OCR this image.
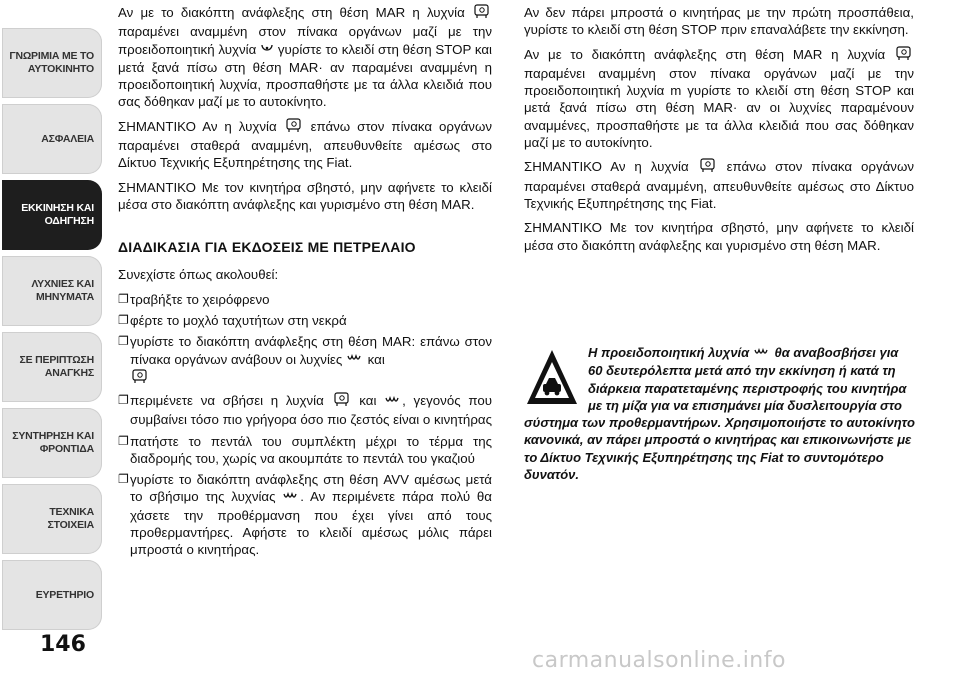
ΓΝΩΡΙΜΙΑ ΜΕ ΤΟ
ΑΥΤΟΚΙΝΗΤΟ
ΑΣΦΑΛΕΙΑ
ΕΚΚΙΝΗΣΗ ΚΑΙ
ΟΔΗΓΗΣΗ
ΛΥΧΝΙΕΣ ΚΑΙ
ΜΗΝΥΜΑΤΑ
ΣΕ ΠΕΡΙΠΤΩΣΗ
ΑΝΑΓΚΗΣ
ΣΥΝΤΗΡΗΣΗ ΚΑΙ
ΦΡΟΝΤΙΔΑ
ΤΕΧΝΙΚΑ ΣΤΟΙΧΕΙΑ
ΕΥΡΕΤΗΡΙΟ
146

Αν με το διακόπτη ανάφλεξης στη θέση MAR η λυχνία  παραμένει αναμμένη στον πίνακα οργάνων μαζί με την προειδοποιητική λυχνία γυρίστε το κλειδί στη θέση STOP και μετά ξανά πίσω στη θέση MAR· αν παραμένει αναμμένη η προειδοποιητική λυχνία, προσπαθήστε με τα άλλα κλειδιά που σας δόθηκαν μαζί με το αυτοκίνητο.

ΣΗΜΑΝΤΙΚΟ Αν η λυχνία	επάνω στον πίνακα οργάνων παραμένει σταθερά αναμμένη, απευθυνθείτε αμέσως στο Δίκτυο Τεχνικής Εξυπηρέτησης της Fiat.

ΣΗΜΑΝΤΙΚΟ Με τον κινητήρα σβηστό, μην αφήνετε το κλειδί μέσα στο διακόπτη ανάφλεξης και γυρισμένο στη θέση MAR.

ΔΙΑΔΙΚΑΣΙΑ ΓΙΑ ΕΚΔΟΣΕΙΣ ΜΕ ΠΕΤΡΕΛΑΙΟ

Συνεχίστε όπως ακολουθεί:

❐ τραβήξτε το χειρόφρενο
❐ φέρτε το μοχλό ταχυτήτων στη νεκρά
❐ γυρίστε το διακόπτη ανάφλεξης στη θέση MAR: επάνω στον πίνακα οργάνων ανάβουν οι λυχνίες και

❐ περιμένετε να σβήσει η λυχνία	και , γεγονός που συμβαίνει τόσο πιο γρήγορα όσο πιο ζεστός είναι ο κινητήρας
❐ πατήστε το πεντάλ του συμπλέκτη μέχρι το τέρμα της διαδρομής του, χωρίς να ακουμπάτε το πεντάλ του γκαζιού
❐ γυρίστε το διακόπτη ανάφλεξης στη θέση AVV αμέσως μετά το σβήσιμο της λυχνίας . Αν περιμένετε πάρα πολύ θα χάσετε την προθέρμανση που έχει γίνει από τους προθερμαντήρες. Αφήστε το κλειδί αμέσως μόλις πάρει μπροστά ο κινητήρας.

Αν δεν πάρει μπροστά ο κινητήρας με την πρώτη προσπάθεια, γυρίστε το κλειδί στη θέση STOP πριν επαναλάβετε την εκκίνηση.

Αν με το διακόπτη ανάφλεξης στη θέση MAR η λυχνία  παραμένει αναμμένη στον πίνακα οργάνων μαζί με την προειδοποιητική λυχνία m γυρίστε το κλειδί στη θέση STOP και μετά ξανά πίσω στη θέση MAR· αν οι λυχνίες παραμένουν αναμμένες, προσπαθήστε με τα άλλα κλειδιά που σας δόθηκαν μαζί με το αυτοκίνητο.

ΣΗΜΑΝΤΙΚΟ Αν η λυχνία	επάνω στον πίνακα οργάνων παραμένει σταθερά αναμμένη, απευθυνθείτε αμέσως στο Δίκτυο Τεχνικής Εξυπηρέτησης της Fiat.

ΣΗΜΑΝΤΙΚΟ Με τον κινητήρα σβηστό, μην αφήνετε το κλειδί μέσα στο διακόπτη ανάφλεξης και γυρισμένο στη θέση MAR.

Η προειδοποιητική λυχνία θα αναβοσβήσει για 60 δευτερόλεπτα μετά από την εκκίνηση ή κατά τη διάρκεια παρατεταμένης περιστροφής του κινητήρα με τη μίζα για να επισημάνει μία δυσλειτουργία στο σύστημα των προθερμαντήρων. Χρησιμοποιήστε το αυτοκίνητο κανονικά, αν πάρει μπροστά ο κινητήρας και επικοινωνήστε με το Δίκτυο Τεχνικής Εξυπηρέτησης της Fiat το συντομότερο δυνατόν.
carmanualsonline.info
